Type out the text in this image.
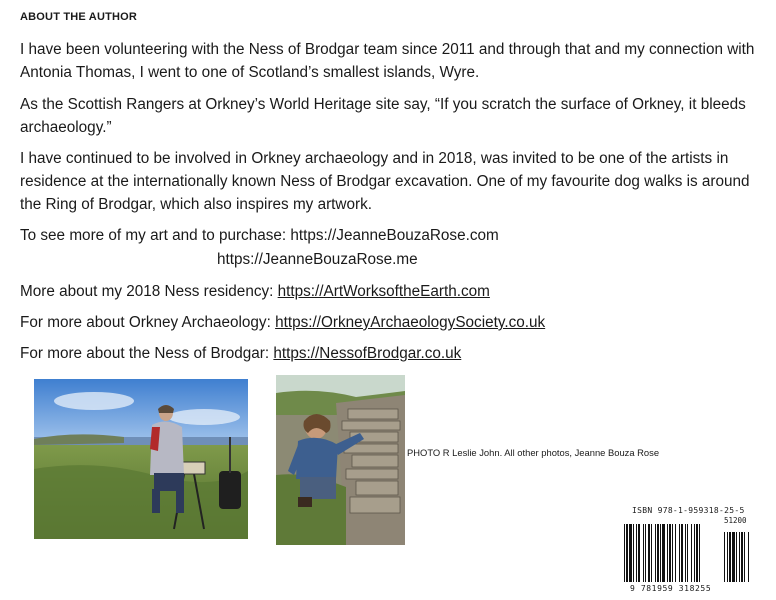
ABOUT THE AUTHOR

I have been volunteering with the Ness of Brodgar team since 2011 and through that and my connection with Antonia Thomas, I went to one of Scotland’s smallest islands, Wyre.

As the Scottish Rangers at Orkney’s World Heritage site say, “If you scratch the surface of Orkney, it bleeds archaeology.”

I have continued to be involved in Orkney archaeology and in 2018, was invited to be one of the artists in residence at the internationally known Ness of Brodgar excavation. One of my favourite dog walks is around the Ring of Brodgar, which also inspires my artwork.

To see more of my art and to purchase: https://JeanneBouzaRose.com

https://JeanneBouzaRose.me

More about my 2018 Ness residency: https://ArtWorksoftheEarth.com

For more about Orkney Archaeology: https://OrkneyArchaeologySociety.co.uk

For more about the Ness of Brodgar: https://NessofBrodgar.co.uk

PHOTO R Leslie John. All other photos, Jeanne Bouza Rose
ISBN 978-1-959318-25-5
51200
9 781959 318255
